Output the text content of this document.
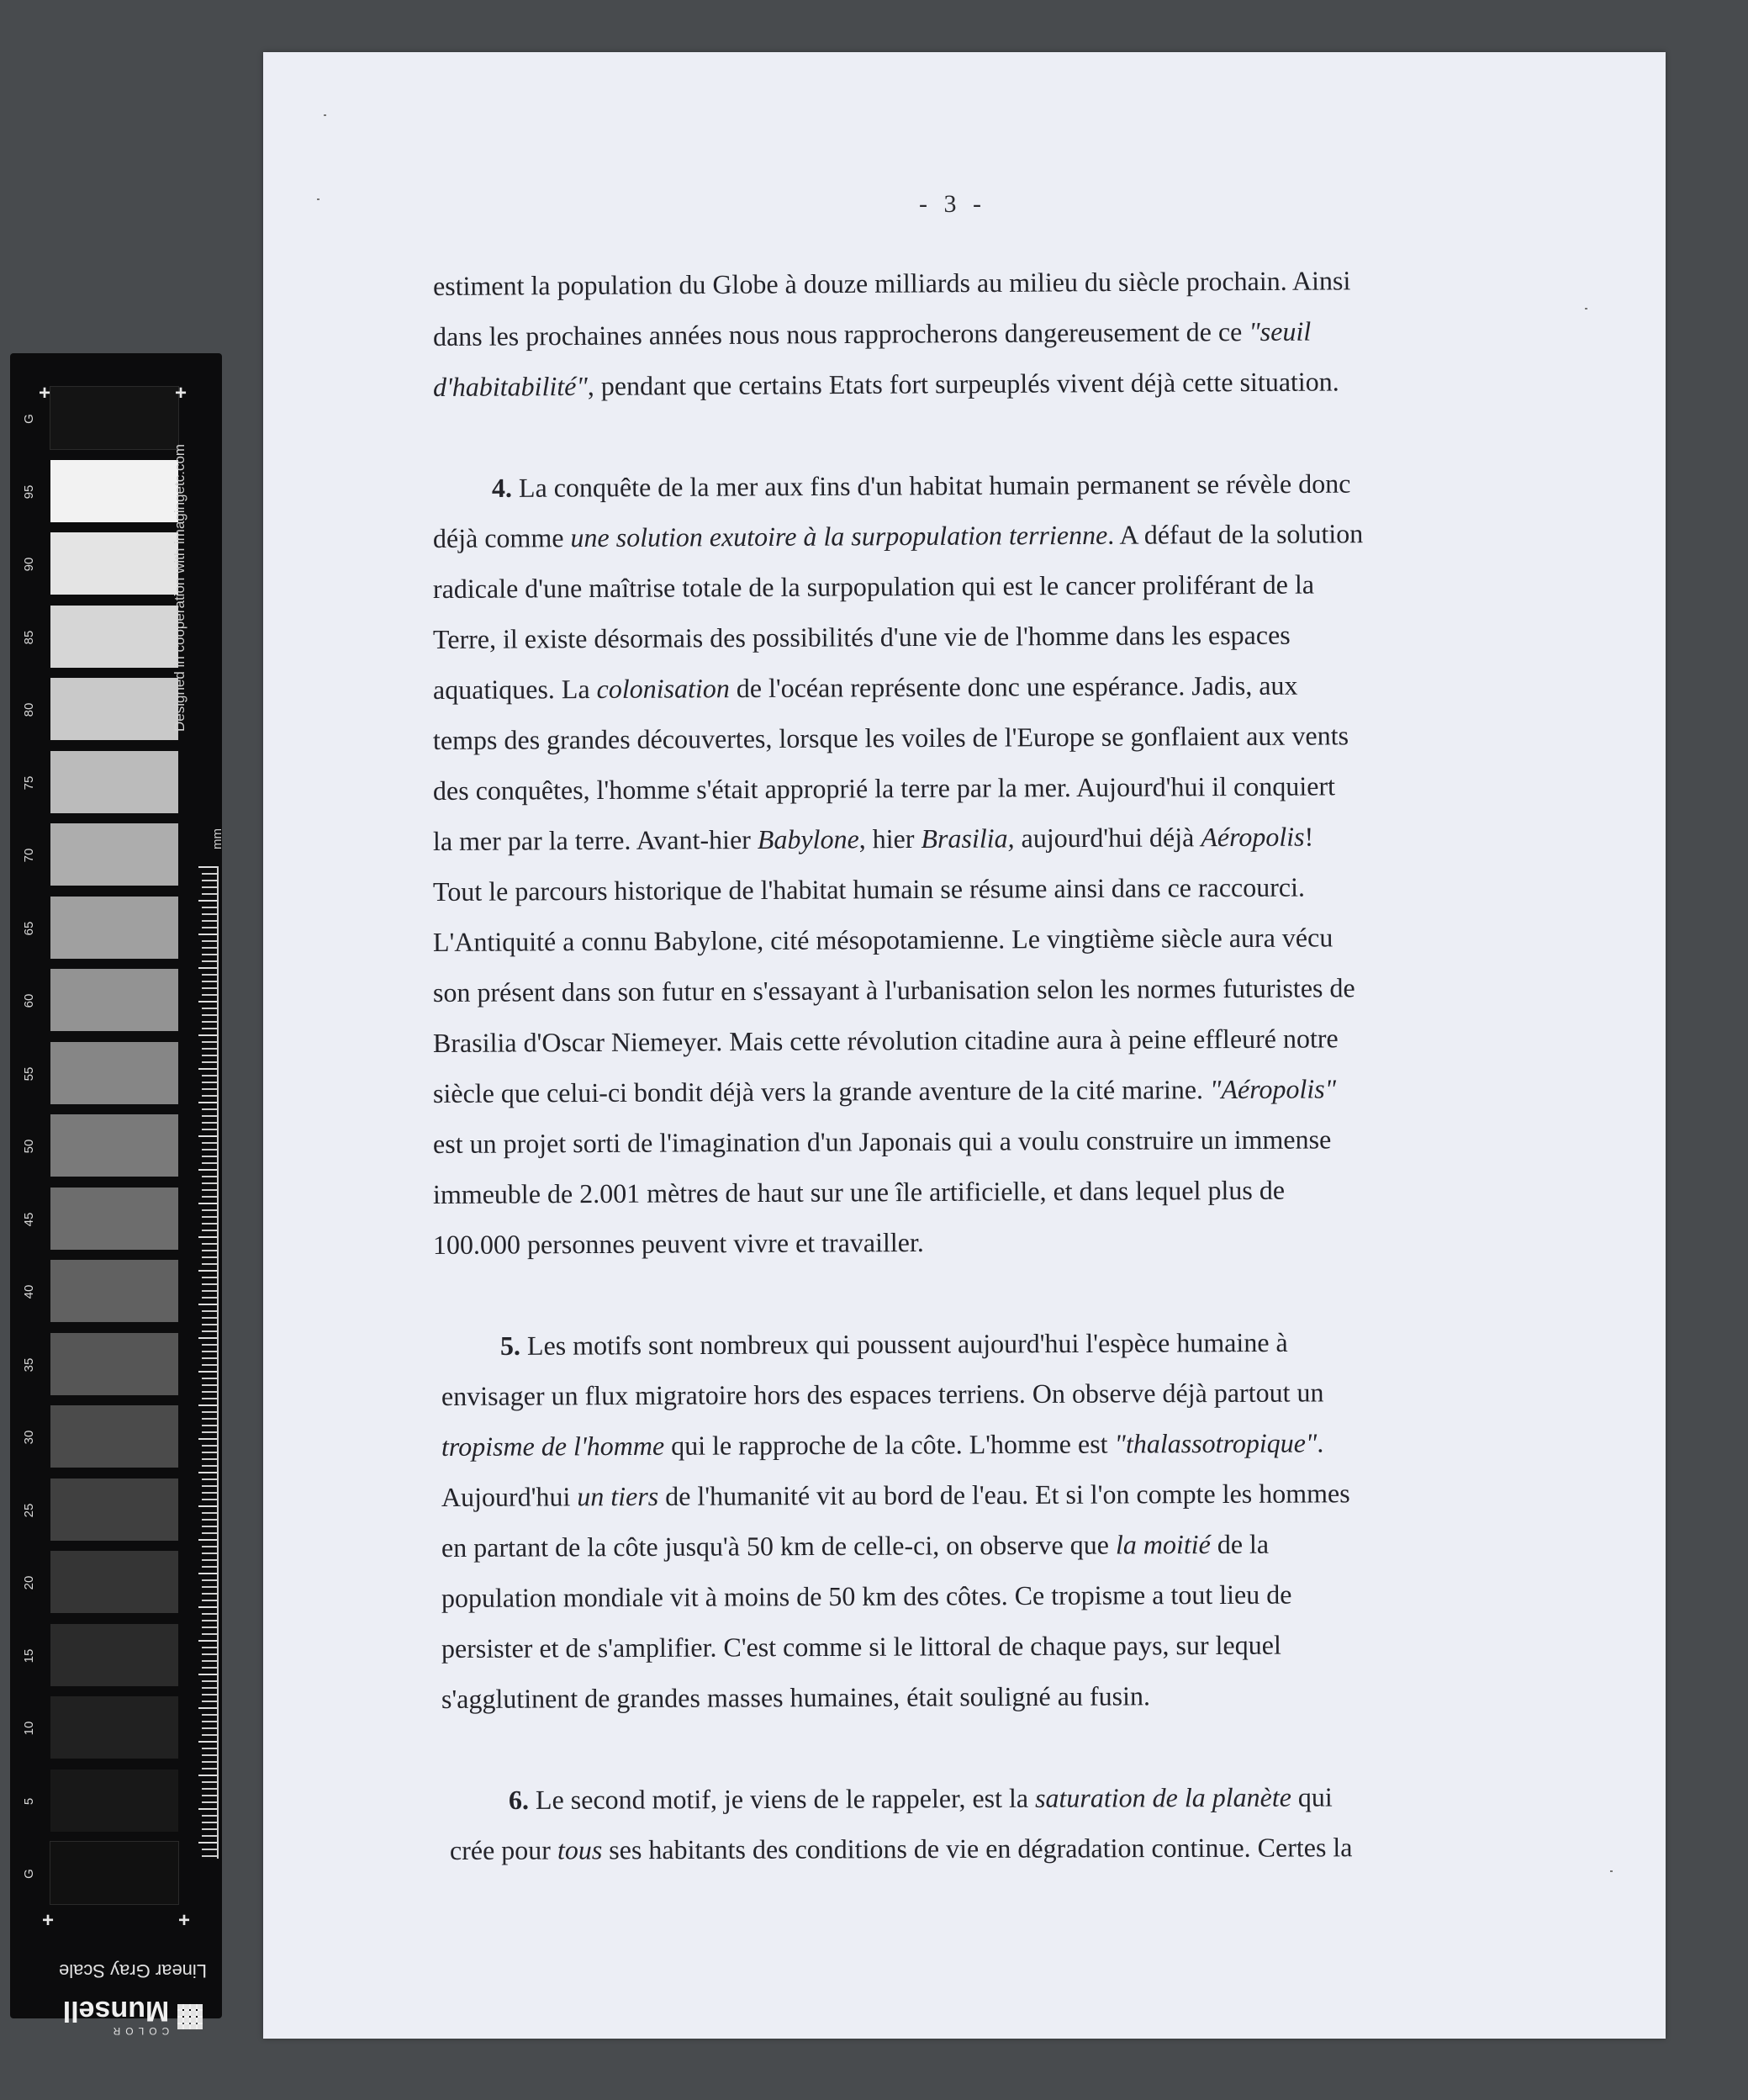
G
95
90
85
80
75
70
65
60
55
50
45
40
35
30
25
20
15
10
5
G
+	+
+	+
Designed in cooperation with imagingetc.com
mm
Linear Gray Scale
COLOR
Munsell
- 3 -
estiment la population du Globe à douze milliards au milieu du siècle prochain. Ainsi
dans les prochaines années nous nous rapprocherons dangereusement de ce "seuil
d'habitabilité", pendant que certains Etats fort surpeuplés vivent déjà cette situation.
4. La conquête de la mer aux fins d'un habitat humain permanent se révèle donc
déjà comme une solution exutoire à la surpopulation terrienne. A défaut de la solution
radicale d'une maîtrise totale de la surpopulation qui est le cancer proliférant de la
Terre, il existe désormais des possibilités d'une vie de l'homme dans les espaces
aquatiques. La colonisation de l'océan représente donc une espérance. Jadis, aux
temps des grandes découvertes, lorsque les voiles de l'Europe se gonflaient aux vents
des conquêtes, l'homme s'était approprié la terre par la mer. Aujourd'hui il conquiert
la mer par la terre. Avant-hier Babylone, hier Brasilia, aujourd'hui déjà Aéropolis!
Tout le parcours historique de l'habitat humain se résume ainsi dans ce raccourci.
L'Antiquité a connu Babylone, cité mésopotamienne. Le vingtième siècle aura vécu
son présent dans son futur en s'essayant à l'urbanisation selon les normes futuristes de
Brasilia d'Oscar Niemeyer. Mais cette révolution citadine aura à peine effleuré notre
siècle que celui-ci bondit déjà vers la grande aventure de la cité marine. "Aéropolis"
est un projet sorti de l'imagination d'un Japonais qui a voulu construire un immense
immeuble de 2.001 mètres de haut sur une île artificielle, et dans lequel plus de
100.000 personnes peuvent vivre et travailler.
5. Les motifs sont nombreux qui poussent aujourd'hui l'espèce humaine à
envisager un flux migratoire hors des espaces terriens. On observe déjà partout un
tropisme de l'homme qui le rapproche de la côte. L'homme est "thalassotropique".
Aujourd'hui un tiers de l'humanité vit au bord de l'eau. Et si l'on compte les hommes
en partant de la côte jusqu'à 50 km de celle-ci, on observe que la moitié de la
population mondiale vit à moins de 50 km des côtes. Ce tropisme a tout lieu de
persister et de s'amplifier. C'est comme si le littoral de chaque pays, sur lequel
s'agglutinent de grandes masses humaines, était souligné au fusin.
6. Le second motif, je viens de le rappeler, est la saturation de la planète qui
crée pour tous ses habitants des conditions de vie en dégradation continue. Certes la
